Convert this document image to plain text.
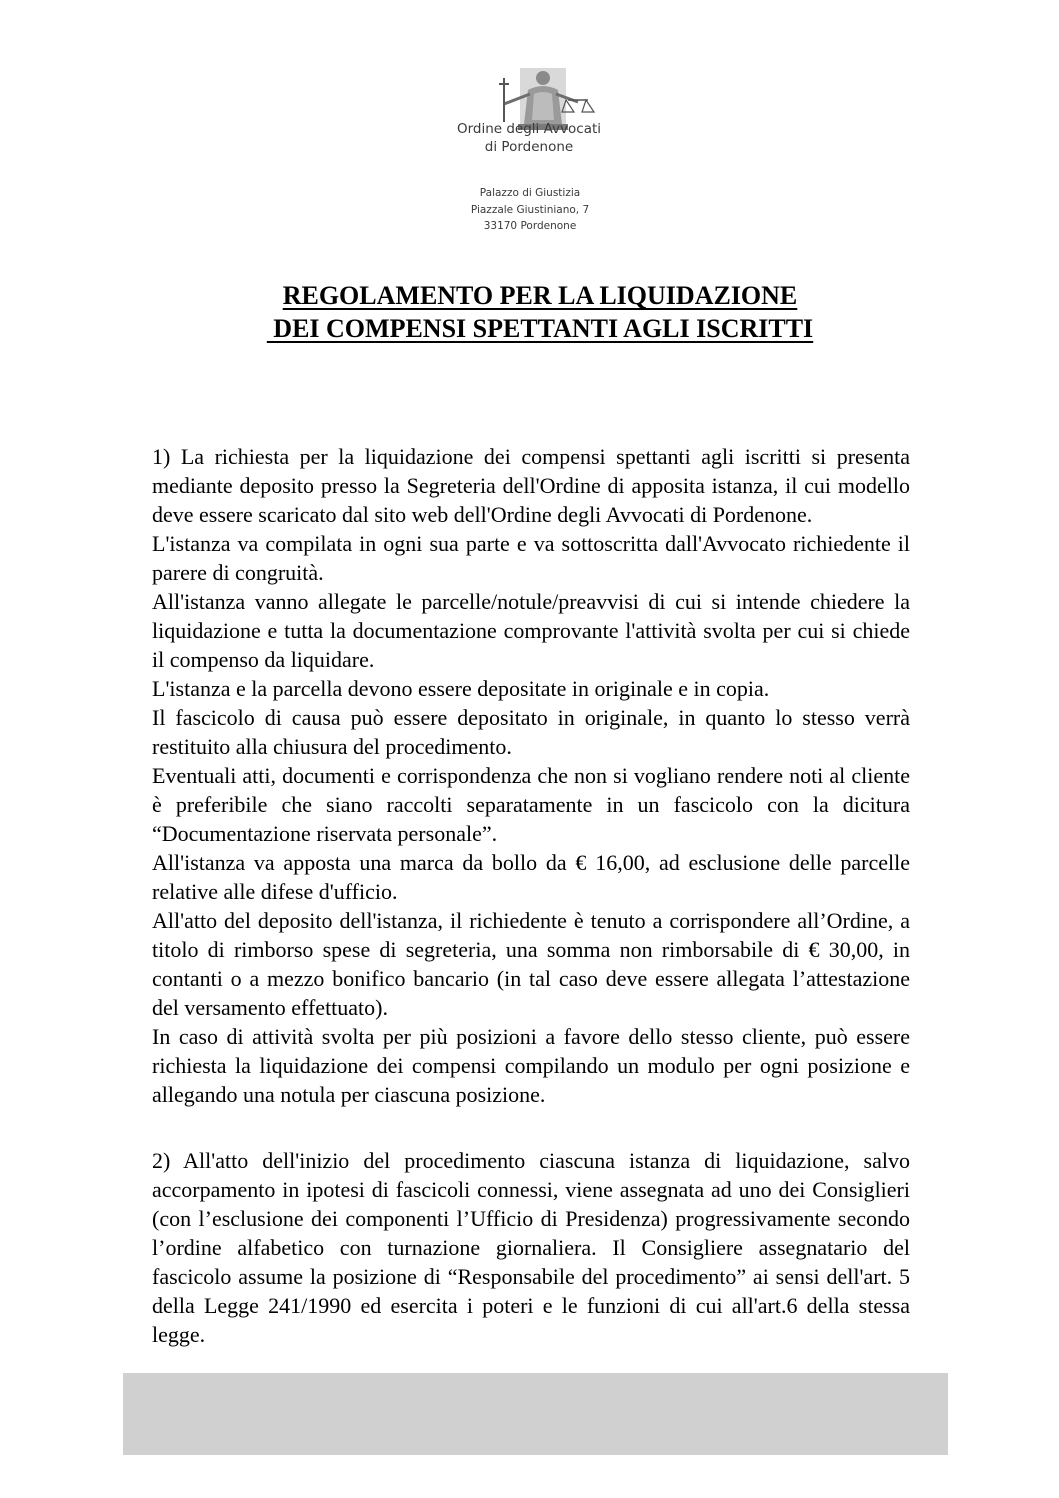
Ordine degli Avvocati
di Pordenone
Palazzo di Giustizia
Piazzale Giustiniano, 7
33170 Pordenone
REGOLAMENTO PER LA LIQUIDAZIONE
DEI COMPENSI SPETTANTI AGLI ISCRITTI

1) La richiesta per la liquidazione dei compensi spettanti agli iscritti si presenta mediante deposito presso la Segreteria dell'Ordine di apposita istanza, il cui modello deve essere scaricato dal sito web dell'Ordine degli Avvocati di Pordenone.

L'istanza va compilata in ogni sua parte e va sottoscritta dall'Avvocato richiedente il parere di congruità.

All'istanza vanno allegate le parcelle/notule/preavvisi di cui si intende chiedere la liquidazione e tutta la documentazione comprovante l'attività svolta per cui si chiede il compenso da liquidare.

L'istanza e la parcella devono essere depositate in originale e in copia.

Il fascicolo di causa può essere depositato in originale, in quanto lo stesso verrà restituito alla chiusura del procedimento.

Eventuali atti, documenti e corrispondenza che non si vogliano rendere noti al cliente è preferibile che siano raccolti separatamente in un fascicolo con la dicitura “Documentazione riservata personale”.

All'istanza va apposta una marca da bollo da € 16,00, ad esclusione delle parcelle relative alle difese d'ufficio.

All'atto del deposito dell'istanza, il richiedente è tenuto a corrispondere all’Ordine, a titolo di rimborso spese di segreteria, una somma non rimborsabile di € 30,00, in contanti o a mezzo bonifico bancario (in tal caso deve essere allegata l’attestazione del versamento effettuato).

In caso di attività svolta per più posizioni a favore dello stesso cliente, può essere richiesta la liquidazione dei compensi compilando un modulo per ogni posizione e allegando una notula per ciascuna posizione.

2) All'atto dell'inizio del procedimento ciascuna istanza di liquidazione, salvo accorpamento in ipotesi di fascicoli connessi, viene assegnata ad uno dei Consiglieri (con l’esclusione dei componenti l’Ufficio di Presidenza) progressivamente secondo l’ordine alfabetico con turnazione giornaliera. Il Consigliere assegnatario del fascicolo assume la posizione di “Responsabile del procedimento” ai sensi dell'art. 5 della Legge 241/1990 ed esercita i poteri e le funzioni di cui all'art.6 della stessa legge.
